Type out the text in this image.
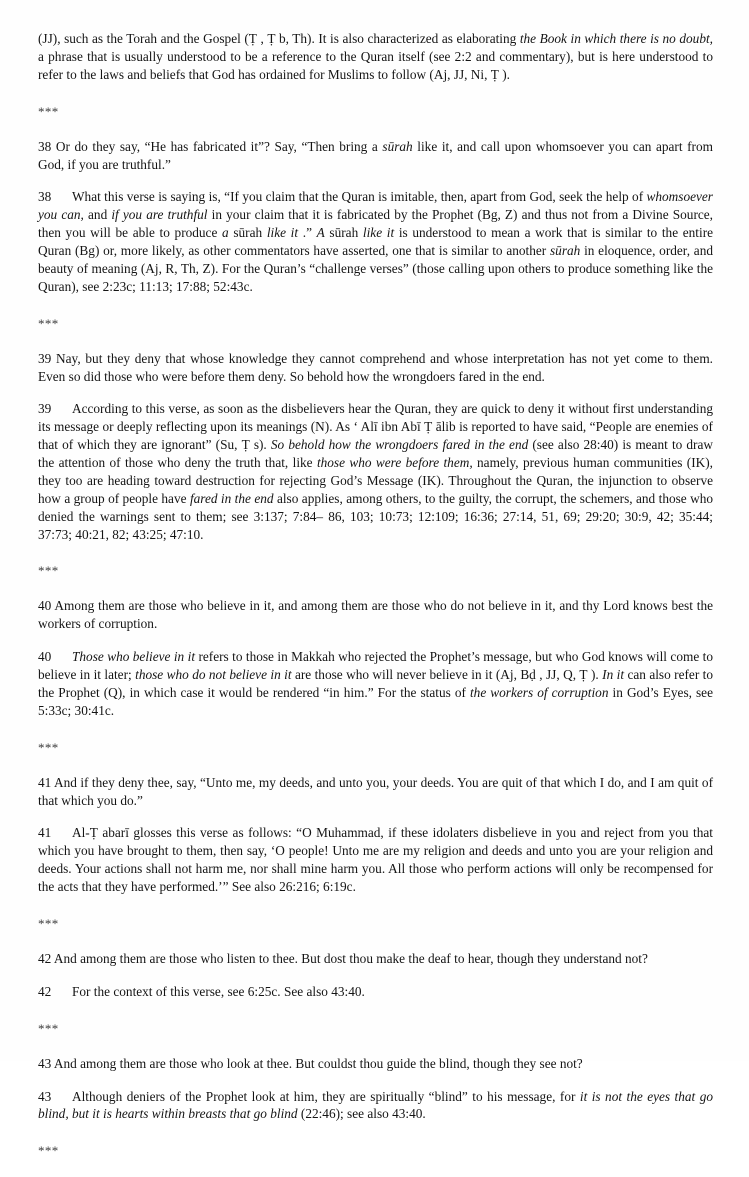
(JJ), such as the Torah and the Gospel (Ṭ , Ṭ b, Th). It is also characterized as elaborating the Book in which there is no doubt, a phrase that is usually understood to be a reference to the Quran itself (see 2:2 and commentary), but is here understood to refer to the laws and beliefs that God has ordained for Muslims to follow (Aj, JJ, Ni, Ṭ ).

***

38 Or do they say, “He has fabricated it”? Say, “Then bring a sūrah like it, and call upon whomsoever you can apart from God, if you are truthful.”

38 What this verse is saying is, “If you claim that the Quran is imitable, then, apart from God, seek the help of whomsoever you can, and if you are truthful in your claim that it is fabricated by the Prophet (Bg, Z) and thus not from a Divine Source, then you will be able to produce a sūrah like it .” A sūrah like it is understood to mean a work that is similar to the entire Quran (Bg) or, more likely, as other commentators have asserted, one that is similar to another sūrah in eloquence, order, and beauty of meaning (Aj, R, Th, Z). For the Quran’s “challenge verses” (those calling upon others to produce something like the Quran), see 2:23c; 11:13; 17:88; 52:43c.

***

39 Nay, but they deny that whose knowledge they cannot comprehend and whose interpretation has not yet come to them. Even so did those who were before them deny. So behold how the wrongdoers fared in the end.

39 According to this verse, as soon as the disbelievers hear the Quran, they are quick to deny it without first understanding its message or deeply reflecting upon its meanings (N). As ʻ Alī ibn Abī Ṭ ālib is reported to have said, “People are enemies of that of which they are ignorant” (Su, Ṭ s). So behold how the wrongdoers fared in the end (see also 28:40) is meant to draw the attention of those who deny the truth that, like those who were before them, namely, previous human communities (IK), they too are heading toward destruction for rejecting God’s Message (IK). Throughout the Quran, the injunction to observe how a group of people have fared in the end also applies, among others, to the guilty, the corrupt, the schemers, and those who denied the warnings sent to them; see 3:137; 7:84– 86, 103; 10:73; 12:109; 16:36; 27:14, 51, 69; 29:20; 30:9, 42; 35:44; 37:73; 40:21, 82; 43:25; 47:10.

***

40 Among them are those who believe in it, and among them are those who do not believe in it, and thy Lord knows best the workers of corruption.

40 Those who believe in it refers to those in Makkah who rejected the Prophet’s message, but who God knows will come to believe in it later; those who do not believe in it are those who will never believe in it (Aj, Bḍ , JJ, Q, Ṭ ). In it can also refer to the Prophet (Q), in which case it would be rendered “in him.” For the status of the workers of corruption in God’s Eyes, see 5:33c; 30:41c.

***

41 And if they deny thee, say, “Unto me, my deeds, and unto you, your deeds. You are quit of that which I do, and I am quit of that which you do.”

41 Al-Ṭ abarī glosses this verse as follows: “O Muhammad, if these idolaters disbelieve in you and reject from you that which you have brought to them, then say, ‘O people! Unto me are my religion and deeds and unto you are your religion and deeds. Your actions shall not harm me, nor shall mine harm you. All those who perform actions will only be recompensed for the acts that they have performed.’” See also 26:216; 6:19c.

***

42 And among them are those who listen to thee. But dost thou make the deaf to hear, though they understand not?

42 For the context of this verse, see 6:25c. See also 43:40.

***

43 And among them are those who look at thee. But couldst thou guide the blind, though they see not?

43 Although deniers of the Prophet look at him, they are spiritually “blind” to his message, for it is not the eyes that go blind, but it is hearts within breasts that go blind (22:46); see also 43:40.

***
